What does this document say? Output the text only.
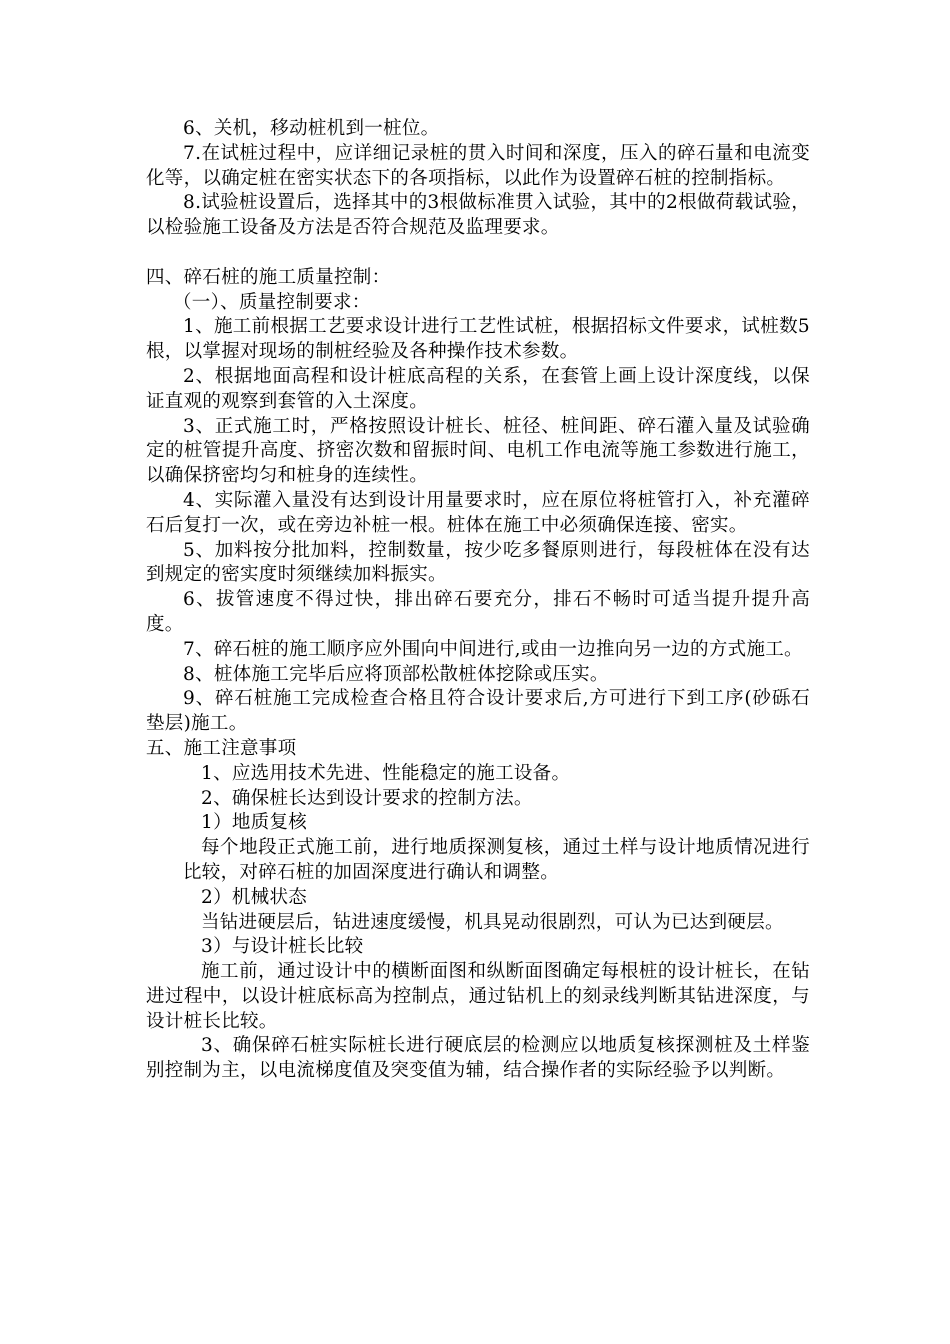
6、关机，移动桩机到一桩位。

7.在试桩过程中，应详细记录桩的贯入时间和深度，压入的碎石量和电流变化等，以确定桩在密实状态下的各项指标，以此作为设置碎石桩的控制指标。

8.试验桩设置后，选择其中的3根做标准贯入试验，其中的2根做荷载试验，以检验施工设备及方法是否符合规范及监理要求。

四、碎石桩的施工质量控制：

（一）、质量控制要求：

1、施工前根据工艺要求设计进行工艺性试桩，根据招标文件要求，试桩数5根，以掌握对现场的制桩经验及各种操作技术参数。

2、根据地面高程和设计桩底高程的关系，在套管上画上设计深度线，以保证直观的观察到套管的入土深度。

3、正式施工时，严格按照设计桩长、桩径、桩间距、碎石灌入量及试验确定的桩管提升高度、挤密次数和留振时间、电机工作电流等施工参数进行施工，以确保挤密均匀和桩身的连续性。

4、实际灌入量没有达到设计用量要求时，应在原位将桩管打入，补充灌碎石后复打一次，或在旁边补桩一根。桩体在施工中必须确保连接、密实。

5、加料按分批加料，控制数量，按少吃多餐原则进行，每段桩体在没有达到规定的密实度时须继续加料振实。

6、拔管速度不得过快，排出碎石要充分，排石不畅时可适当提升提升高度。

7、碎石桩的施工顺序应外围向中间进行,或由一边推向另一边的方式施工。

8、桩体施工完毕后应将顶部松散桩体挖除或压实。

9、碎石桩施工完成检查合格且符合设计要求后,方可进行下到工序(砂砾石垫层)施工。

五、施工注意事项

1、应选用技术先进、性能稳定的施工设备。

2、确保桩长达到设计要求的控制方法。

1）地质复核

每个地段正式施工前，进行地质探测复核，通过土样与设计地质情况进行比较，对碎石桩的加固深度进行确认和调整。

2）机械状态

当钻进硬层后，钻进速度缓慢，机具晃动很剧烈，可认为已达到硬层。

3）与设计桩长比较

施工前，通过设计中的横断面图和纵断面图确定每根桩的设计桩长，在钻进过程中，以设计桩底标高为控制点，通过钻机上的刻录线判断其钻进深度，与设计桩长比较。

3、确保碎石桩实际桩长进行硬底层的检测应以地质复核探测桩及土样鉴别控制为主，以电流梯度值及突变值为辅，结合操作者的实际经验予以判断。
